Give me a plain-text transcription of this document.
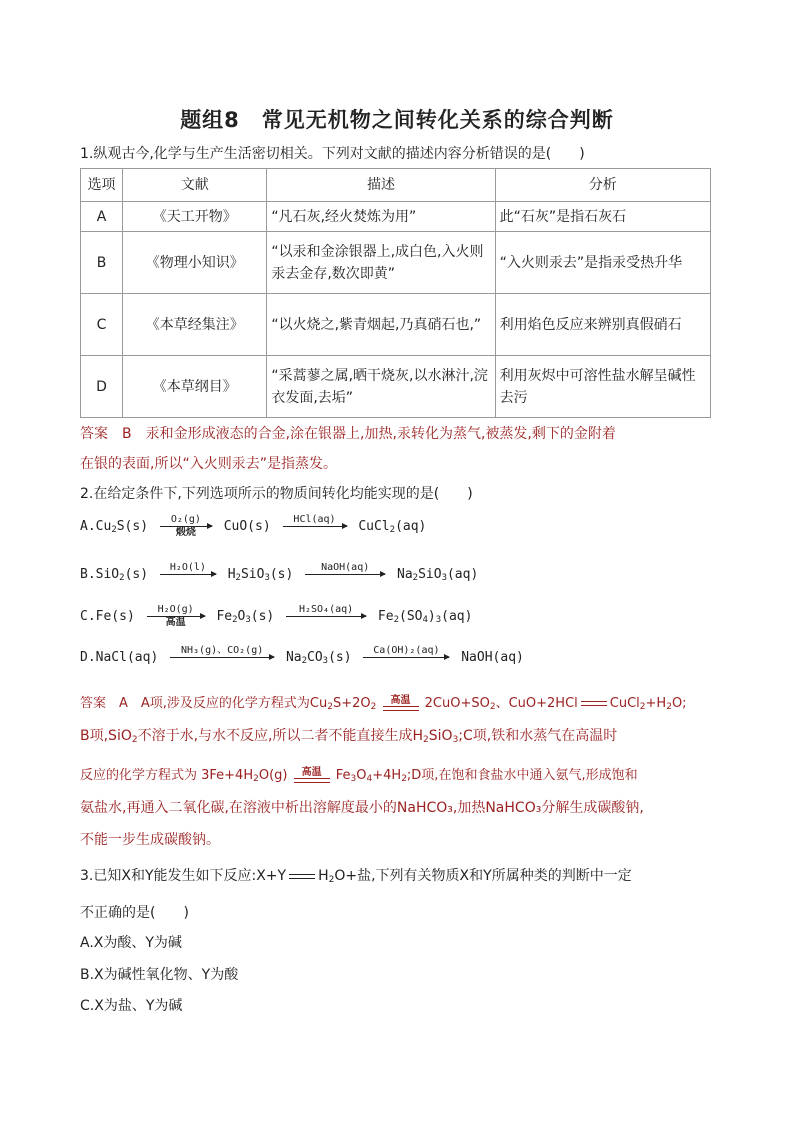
题组8　常见无机物之间转化关系的综合判断
1.纵观古今,化学与生产生活密切相关。下列对文献的描述内容分析错误的是(　　)
选项	文献	描述	分析
A	《天工开物》	“凡石灰,经火焚炼为用”	此“石灰”是指石灰石
B	《物理小知识》	“以汞和金涂银器上,成白色,入火则汞去金存,数次即黄”	“入火则汞去”是指汞受热升华
C	《本草经集注》	“以火烧之,紫青烟起,乃真硝石也,”	利用焰色反应来辨别真假硝石
D	《本草纲目》	“采蒿蓼之属,晒干烧灰,以水淋汁,浣衣发面,去垢”	利用灰烬中可溶性盐水解呈碱性去污
答案　B　汞和金形成液态的合金,涂在银器上,加热,汞转化为蒸气,被蒸发,剩下的金附着
在银的表面,所以“入火则汞去”是指蒸发。
2.在给定条件下,下列选项所示的物质间转化均能实现的是(　　)
$A.Cu_2S(s)$	O₂(g)
煅烧	CuO(s)	HCl(aq)
	CuCl$_2$(aq)
B.SiO$_2$(s)	H₂O(l)
	$H_2SiO_3(s)$	NaOH(aq)
	$Na_2SiO_3(aq)$
C.Fe(s)	H₂O(g)
高温	$Fe_2O_3(s)$	H₂SO₄(aq)
	$Fe_2(SO_4)_3(aq)$
D.NaCl(aq)	NH₃(g)、CO₂(g)
	$Na_2CO_3(s)$	Ca(OH)₂(aq)
	NaOH(aq)
答案　A　A项,涉及反应的化学方程式为$Cu_2S+2O_2$
高温	$2CuO+SO_2$、CuO+2HCl $CuCl_2+H_2O$;
B项,SiO$_2$不溶于水,与水不反应,所以二者不能直接生成$H_2SiO_3;C$项,铁和水蒸气在高温时
反应的化学方程式为 $3Fe+4H_2O(g)$	高温	$Fe_3O_4+4H_2;D$项,在饱和食盐水中通入氨气,形成饱和
氨盐水,再通入二氧化碳,在溶液中析出溶解度最小的NaHCO₃,加热NaHCO₃分解生成碳酸钠,
不能一步生成碳酸钠。
3.已知X和Y能发生如下反应:X+Y $H_2O+$盐,下列有关物质X和Y所属种类的判断中一定
不正确的是(　　)
A.X为酸、Y为碱
B.X为碱性氧化物、Y为酸
C.X为盐、Y为碱
